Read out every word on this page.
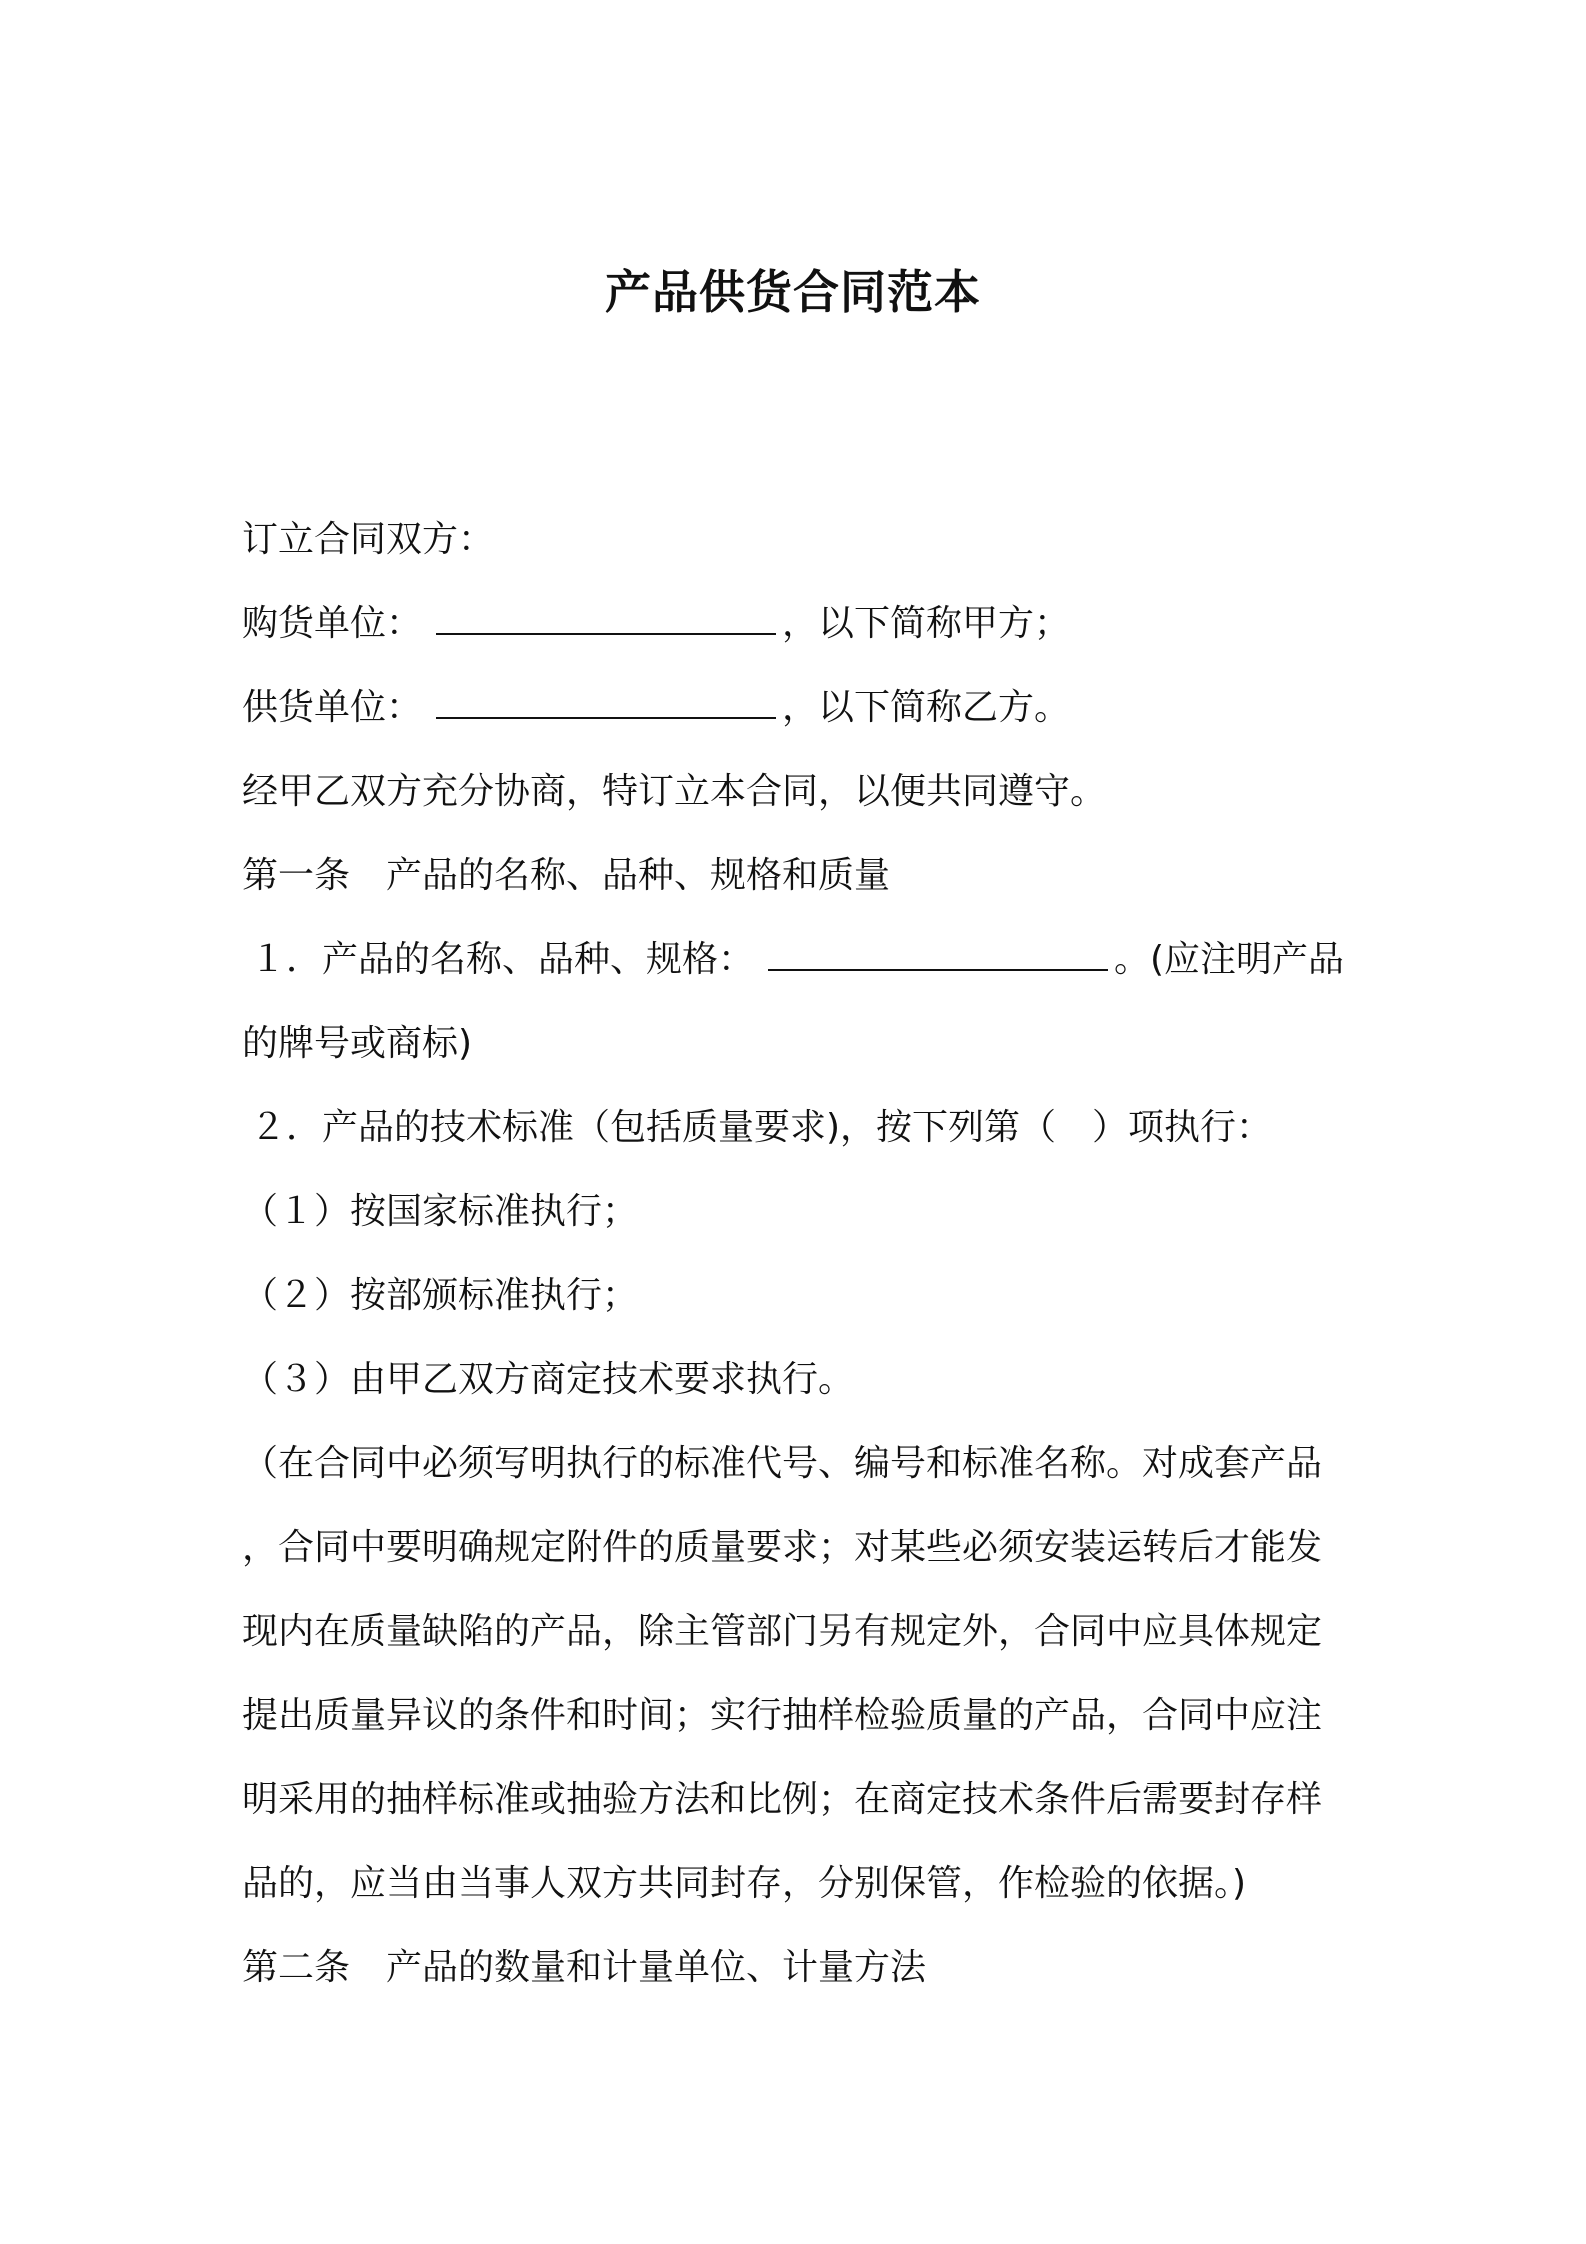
产品供货合同范本
订立合同双方：
购货单位：	，以下简称甲方；
供货单位：	，以下简称乙方。
经甲乙双方充分协商，特订立本合同，以便共同遵守。
第一条 产品的名称、品种、规格和质量
１．产品的名称、品种、规格：	。(应注明产品
的牌号或商标)
２．产品的技术标准（包括质量要求)，按下列第（　）项执行：
（１）按国家标准执行；
（２）按部颁标准执行；
（３）由甲乙双方商定技术要求执行。
（在合同中必须写明执行的标准代号、编号和标准名称。对成套产品
，合同中要明确规定附件的质量要求；对某些必须安装运转后才能发
现内在质量缺陷的产品，除主管部门另有规定外，合同中应具体规定
提出质量异议的条件和时间；实行抽样检验质量的产品，合同中应注
明采用的抽样标准或抽验方法和比例；在商定技术条件后需要封存样
品的，应当由当事人双方共同封存，分别保管，作检验的依据。)
第二条 产品的数量和计量单位、计量方法
